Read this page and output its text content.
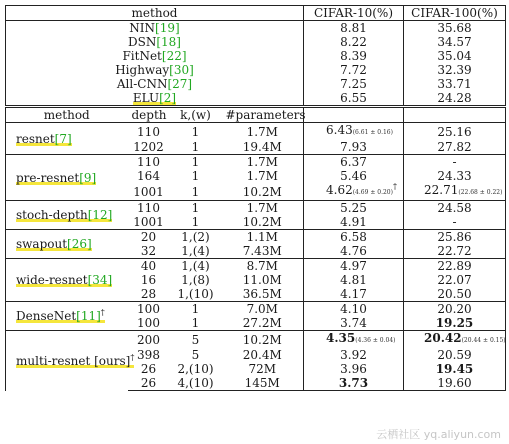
method				CIFAR-10(%)	CIFAR-100(%)
NIN[19]				8.81	35.68
DSN[18]				8.22	34.57
FitNet[22]				8.39	35.04
Highway[30]				7.72	32.39
All-CNN[27]				7.25	33.71
ELU[2]				6.55	24.28
method	depth	k,(w)	#parameters		
resnet[7]	110	1	1.7M	6.43(6.61 ± 0.16)	25.16
	1202	1	19.4M	7.93	27.82
pre-resnet[9]	110	1	1.7M	6.37	-
	164	1	1.7M	5.46	24.33
	1001	1	10.2M	4.62(4.69 ± 0.20)†	22.71(22.68 ± 0.22)
stoch-depth[12]	110	1	1.7M	5.25	24.58
	1001	1	10.2M	4.91	-
swapout[26]	20	1,(2)	1.1M	6.58	25.86
	32	1,(4)	7.43M	4.76	22.72
wide-resnet[34]	40	1,(4)	8.7M	4.97	22.89
	16	1,(8)	11.0M	4.81	22.07
	28	1,(10)	36.5M	4.17	20.50
DenseNet[11]†	100	1	7.0M	4.10	20.20
	100	1	27.2M	3.74	19.25
multi-resnet [ours]†	200	5	10.2M	4.35(4.36 ± 0.04)	20.42(20.44 ± 0.15)
	398	5	20.4M	3.92	20.59
	26	2,(10)	72M	3.96	19.45
	26	4,(10)	145M	3.73	19.60
云栖社区 yq.aliyun.com
